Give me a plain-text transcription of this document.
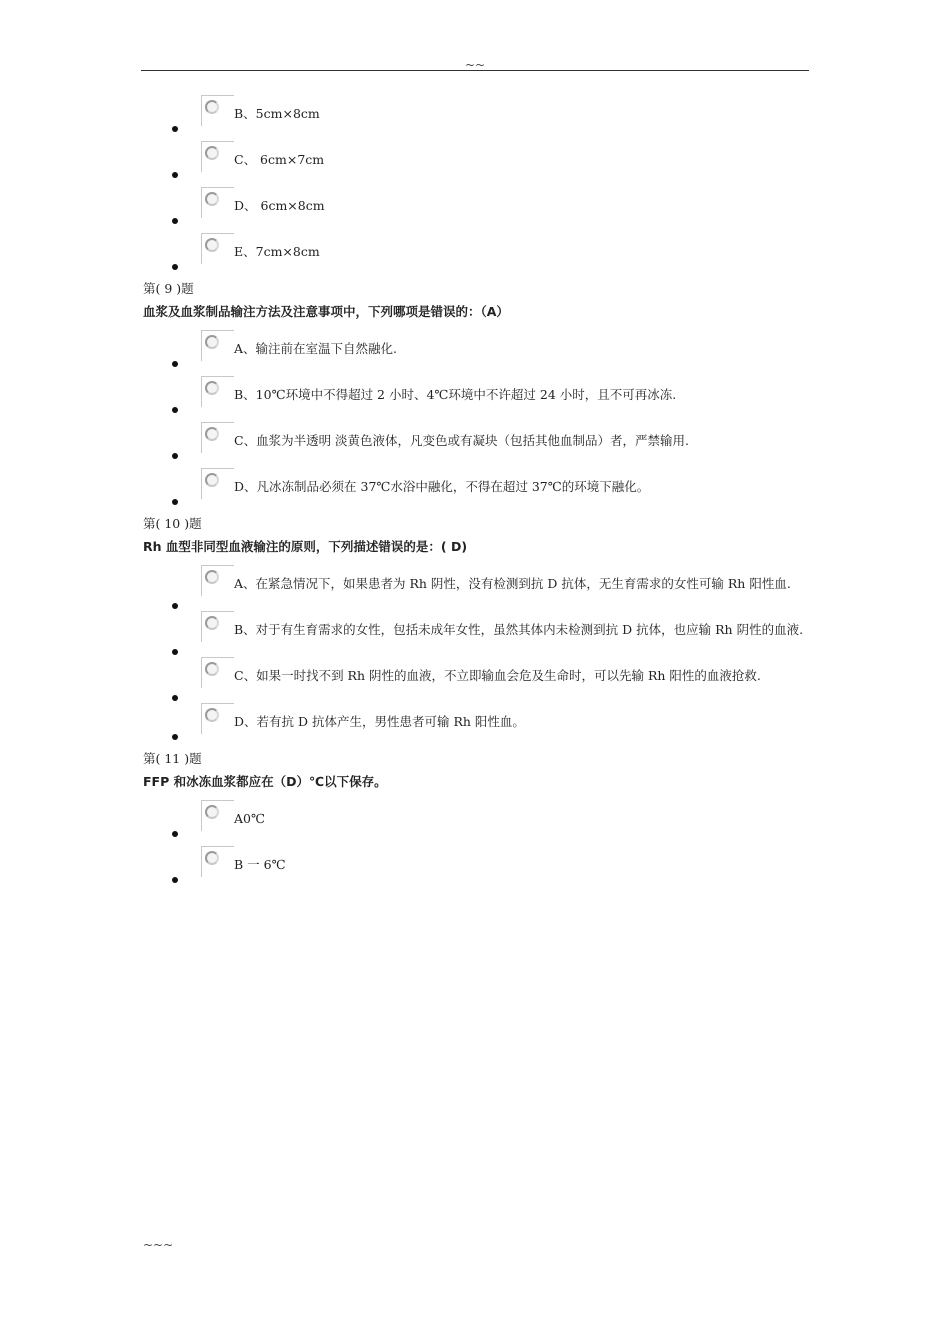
~~
B、5cm×8cm
C、 6cm×7cm
D、 6cm×8cm
E、7cm×8cm
第( 9 )题
血浆及血浆制品输注方法及注意事项中，下列哪项是错误的：（A）
A、输注前在室温下自然融化.
B、10℃环境中不得超过 2 小时、4℃环境中不许超过 24 小时，且不可再冰冻.
C、血浆为半透明 淡黄色液体，凡变色或有凝块（包括其他血制品）者，严禁输用.
D、凡冰冻制品必须在 37℃水浴中融化，不得在超过 37℃的环境下融化。
第( 10 )题
Rh 血型非同型血液输注的原则，下列描述错误的是：( D)
A、在紧急情况下，如果患者为 Rh 阴性，没有检测到抗 D 抗体，无生育需求的女性可输 Rh 阳性血.
B、对于有生育需求的女性，包括未成年女性，虽然其体内未检测到抗 D 抗体，也应输 Rh 阴性的血液.
C、如果一时找不到 Rh 阴性的血液，不立即输血会危及生命时，可以先输 Rh 阳性的血液抢救.
D、若有抗 D 抗体产生，男性患者可输 Rh 阳性血。
第( 11 )题
FFP 和冰冻血浆都应在（D）℃以下保存。
A0℃
B 一 6℃
~~~
